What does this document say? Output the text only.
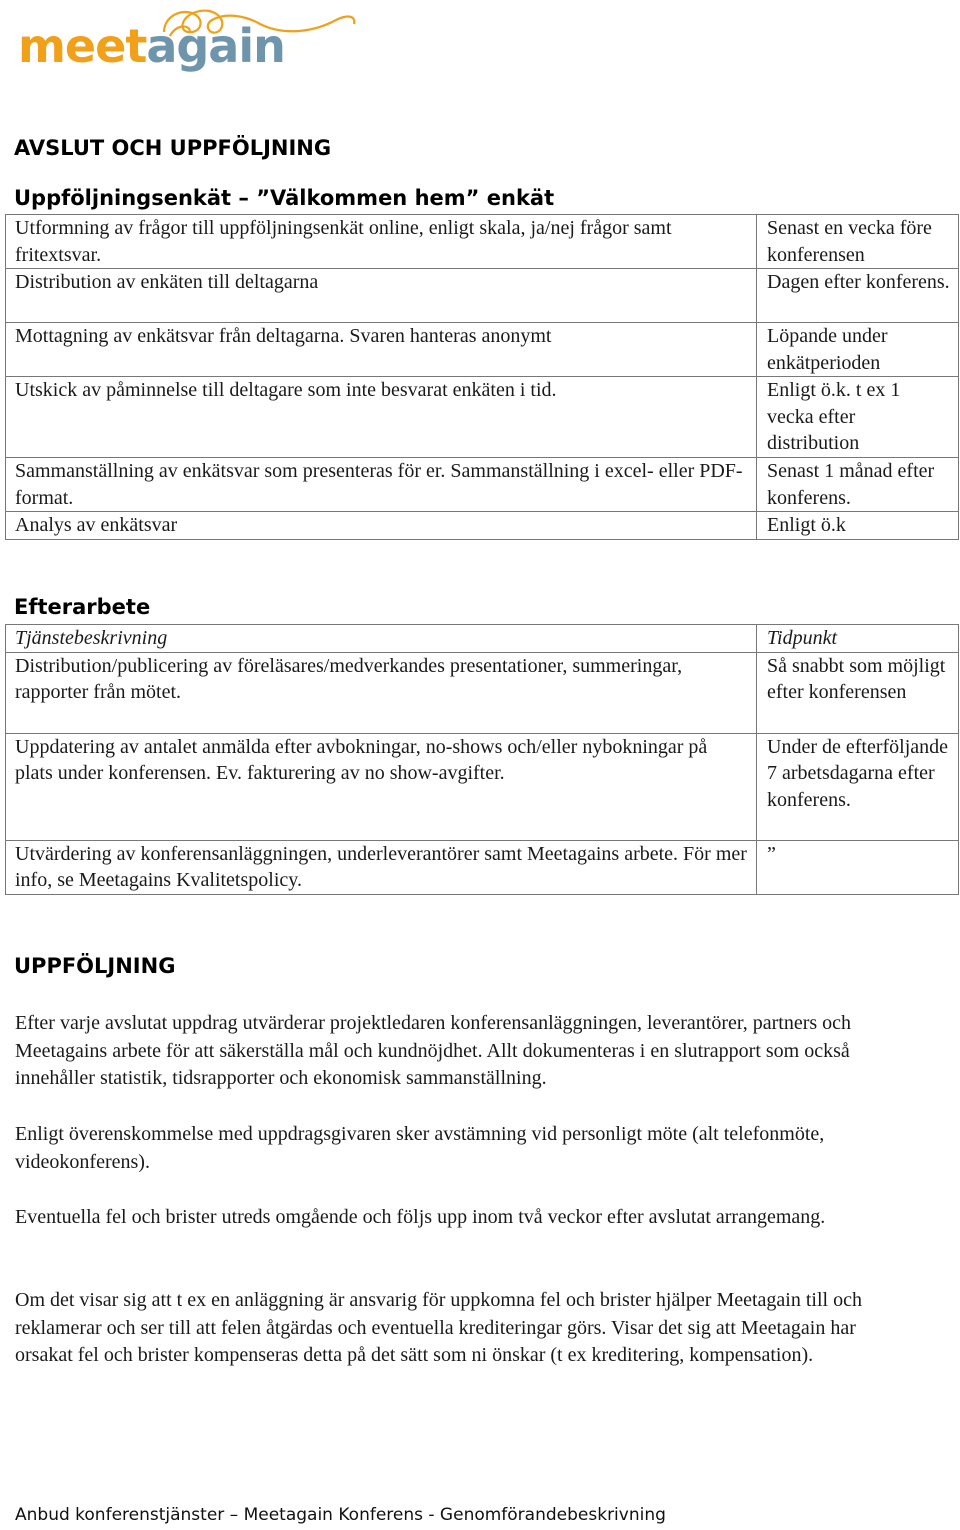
meetagain
AVSLUT OCH UPPFÖLJNING
Uppföljningsenkät – ”Välkommen hem” enkät
Utformning av frågor till uppföljningsenkät online, enligt skala, ja/nej frågor samt fritextsvar.	Senast en vecka före konferensen
Distribution av enkäten till deltagarna	Dagen efter konferens.
Mottagning av enkätsvar från deltagarna. Svaren hanteras anonymt	Löpande under enkätperioden
Utskick av påminnelse till deltagare som inte besvarat enkäten i tid.	Enligt ö.k. t ex 1 vecka efter distribution
Sammanställning av enkätsvar som presenteras för er. Sammanställning i excel- eller PDF-format.	Senast 1 månad efter konferens.
Analys av enkätsvar	Enligt ö.k
Efterarbete
Tjänstebeskrivning	Tidpunkt
Distribution/publicering av föreläsares/medverkandes presentationer, summeringar, rapporter från mötet.	Så snabbt som möjligt efter konferensen
Uppdatering av antalet anmälda efter avbokningar, no-shows och/eller nybokningar på plats under konferensen. Ev. fakturering av no show-avgifter.	Under de efterföljande 7 arbetsdagarna efter konferens.
Utvärdering av konferensanläggningen, underleverantörer samt Meetagains arbete. För mer info, se Meetagains Kvalitetspolicy.	”
UPPFÖLJNING

Efter varje avslutat uppdrag utvärderar projektledaren konferensanläggningen, leverantörer, partners och Meetagains arbete för att säkerställa mål och kundnöjdhet. Allt dokumenteras i en slutrapport som också innehåller statistik, tidsrapporter och ekonomisk sammanställning.

Enligt överenskommelse med uppdragsgivaren sker avstämning vid personligt möte (alt telefonmöte, videokonferens).

Eventuella fel och brister utreds omgående och följs upp inom två veckor efter avslutat arrangemang.

Om det visar sig att t ex en anläggning är ansvarig för uppkomna fel och brister hjälper Meetagain till och reklamerar och ser till att felen åtgärdas och eventuella krediteringar görs. Visar det sig att Meetagain har orsakat fel och brister kompenseras detta på det sätt som ni önskar (t ex kreditering, kompensation).

Anbud konferenstjänster – Meetagain Konferens - Genomförandebeskrivning
